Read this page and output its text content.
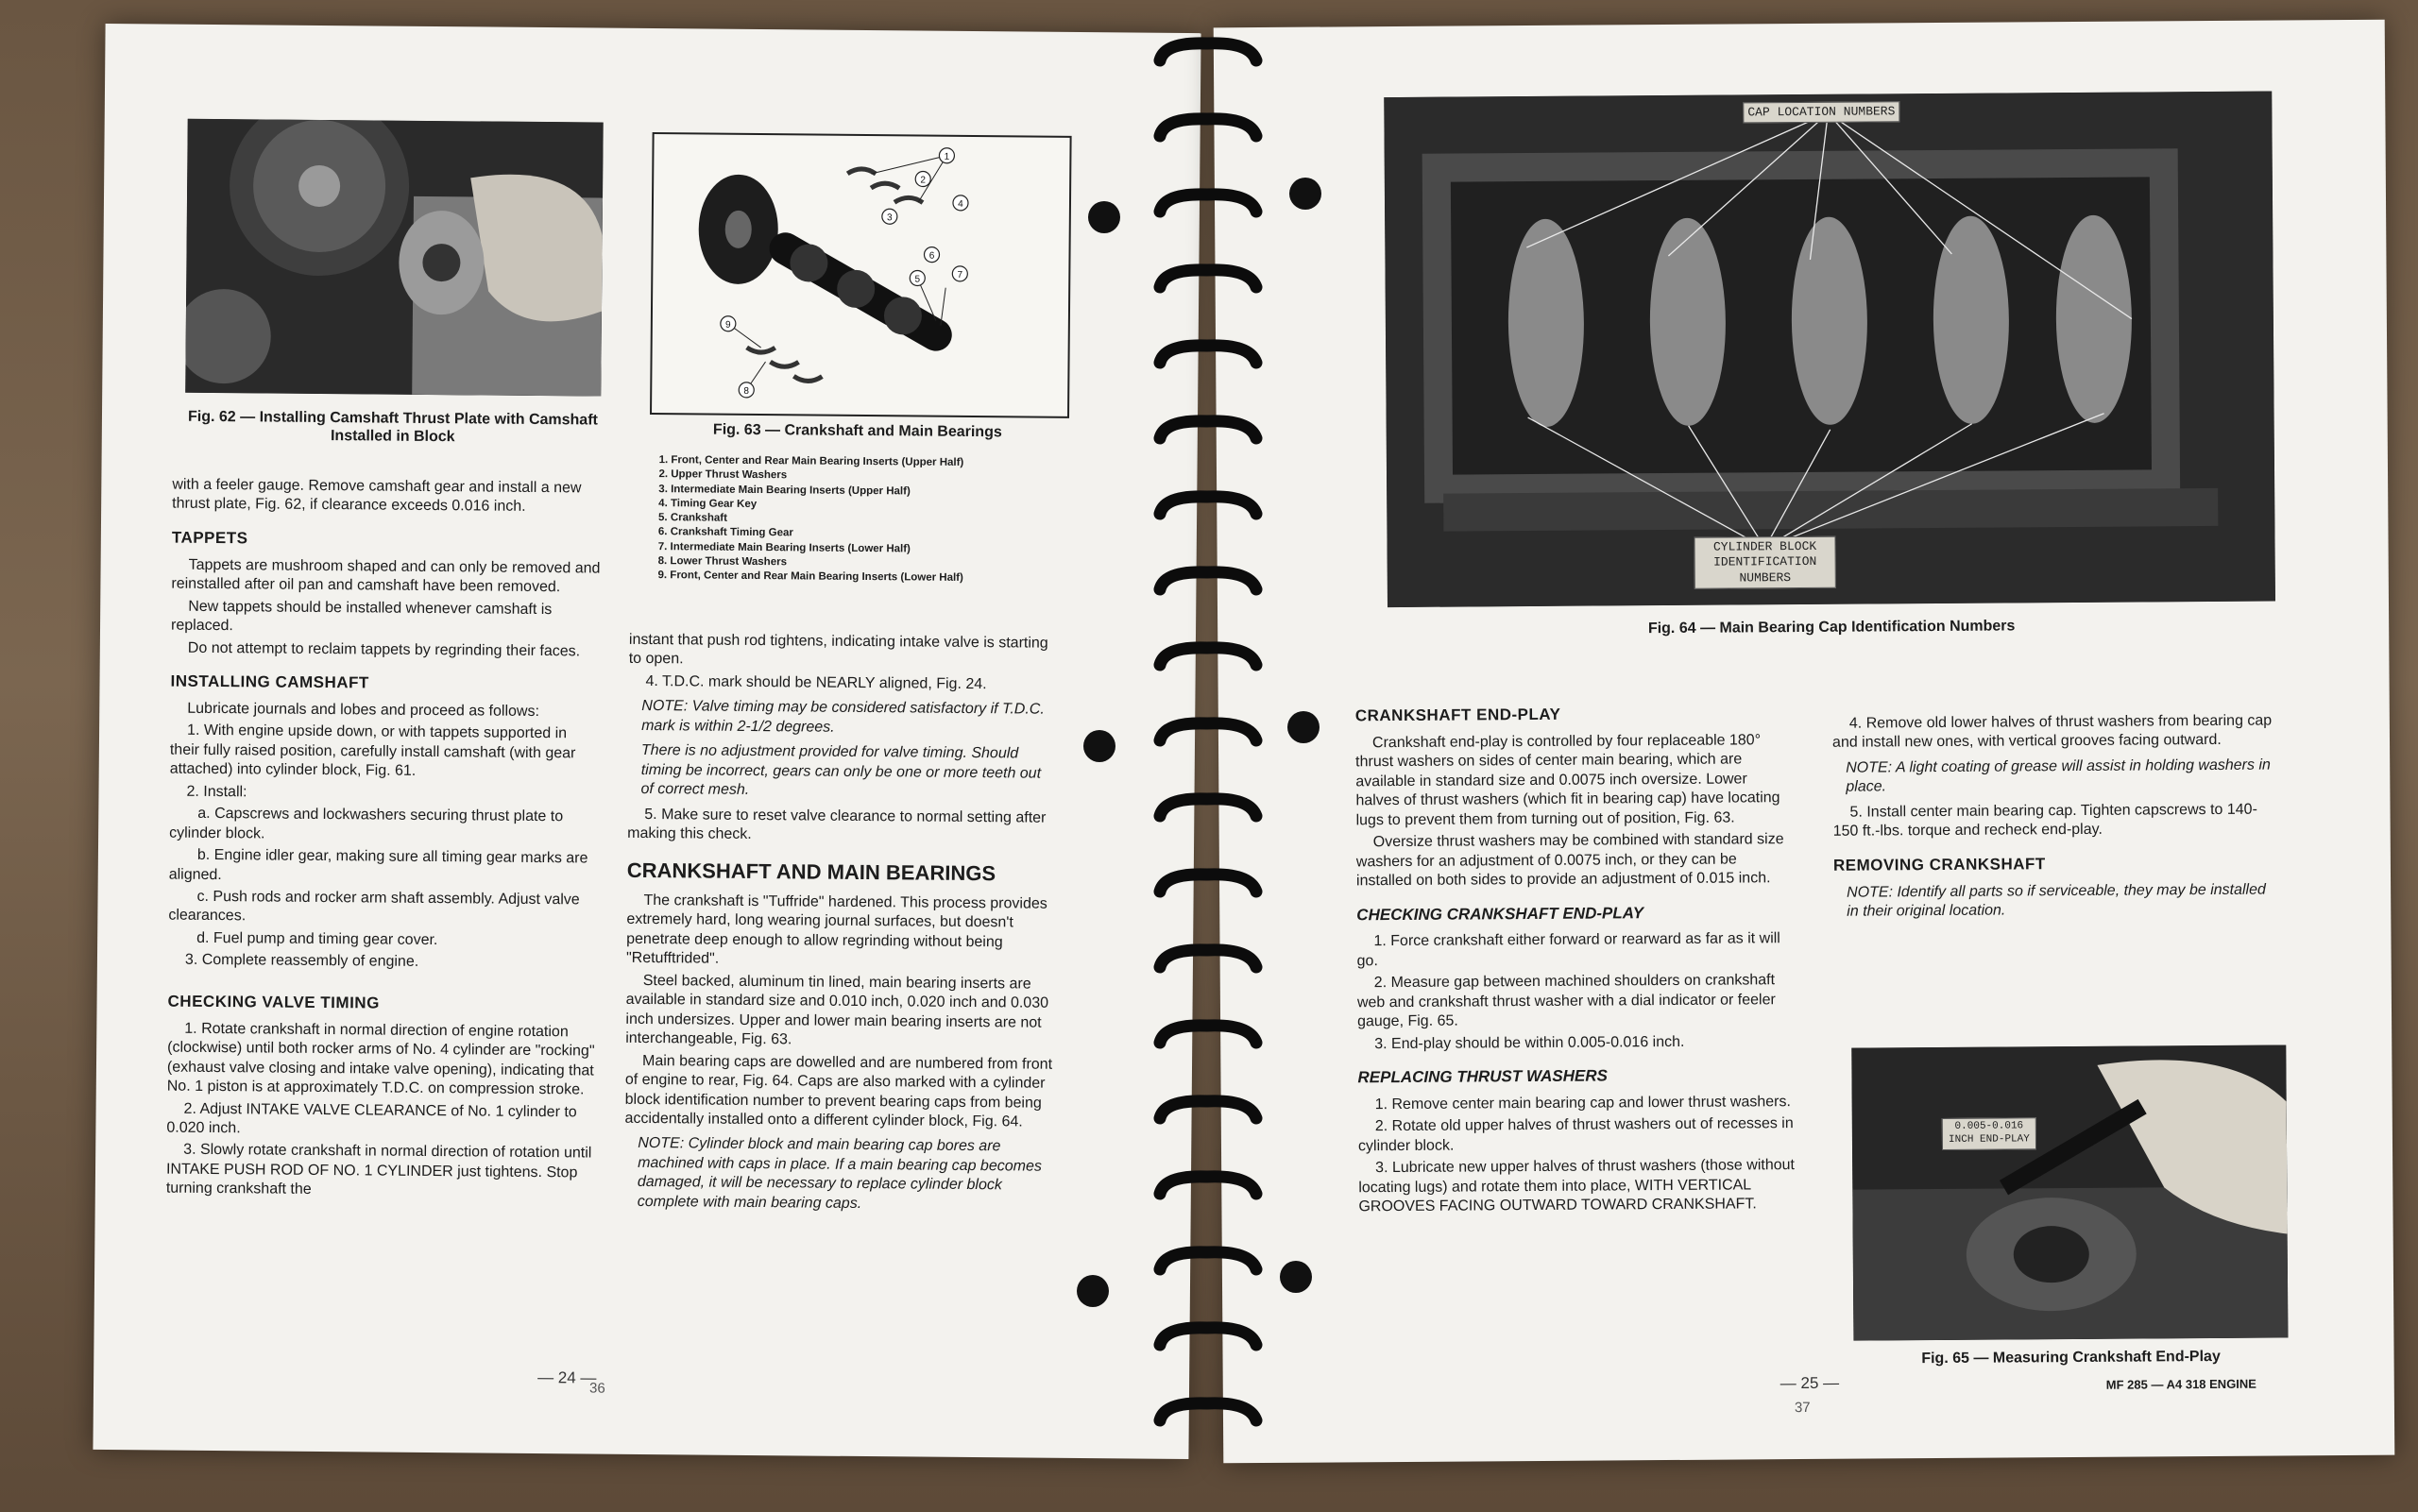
Fig. 62 — Installing Camshaft Thrust Plate with Camshaft Installed in Block
1
2
3
4
5
6
7
8
9
Fig. 63 — Crankshaft and Main Bearings
1. Front, Center and Rear Main Bearing Inserts (Upper Half)
2. Upper Thrust Washers
3. Intermediate Main Bearing Inserts (Upper Half)
4. Timing Gear Key
5. Crankshaft
6. Crankshaft Timing Gear
7. Intermediate Main Bearing Inserts (Lower Half)
8. Lower Thrust Washers
9. Front, Center and Rear Main Bearing Inserts (Lower Half)

with a feeler gauge. Remove camshaft gear and install a new thrust plate, Fig. 62, if clearance exceeds 0.016 inch.

TAPPETS

Tappets are mushroom shaped and can only be removed and reinstalled after oil pan and camshaft have been removed.

New tappets should be installed whenever camshaft is replaced.

Do not attempt to reclaim tappets by regrinding their faces.

INSTALLING CAMSHAFT

Lubricate journals and lobes and proceed as follows:

1. With engine upside down, or with tappets supported in their fully raised position, carefully install camshaft (with gear attached) into cylinder block, Fig. 61.

2. Install:

a. Capscrews and lockwashers securing thrust plate to cylinder block.

b. Engine idler gear, making sure all timing gear marks are aligned.

c. Push rods and rocker arm shaft assembly. Adjust valve clearances.

d. Fuel pump and timing gear cover.

3. Complete reassembly of engine.

CHECKING VALVE TIMING

1. Rotate crankshaft in normal direction of engine rotation (clockwise) until both rocker arms of No. 4 cylinder are "rocking" (exhaust valve closing and intake valve opening), indicating that No. 1 piston is at approximately T.D.C. on compression stroke.

2. Adjust INTAKE VALVE CLEARANCE of No. 1 cylinder to 0.020 inch.

3. Slowly rotate crankshaft in normal direction of rotation until INTAKE PUSH ROD OF NO. 1 CYLINDER just tightens. Stop turning crankshaft the

instant that push rod tightens, indicating intake valve is starting to open.

4. T.D.C. mark should be NEARLY aligned, Fig. 24.

NOTE: Valve timing may be considered satisfactory if T.D.C. mark is within 2-1/2 degrees.

There is no adjustment provided for valve timing. Should timing be incorrect, gears can only be one or more teeth out of correct mesh.

5. Make sure to reset valve clearance to normal setting after making this check.

CRANKSHAFT AND MAIN BEARINGS

The crankshaft is "Tuffride" hardened. This process provides extremely hard, long wearing journal surfaces, but doesn't penetrate deep enough to allow regrinding without being "Retufftrided".

Steel backed, aluminum tin lined, main bearing inserts are available in standard size and 0.010 inch, 0.020 inch and 0.030 inch undersizes. Upper and lower main bearing inserts are not interchangeable, Fig. 63.

Main bearing caps are dowelled and are numbered from front of engine to rear, Fig. 64. Caps are also marked with a cylinder block identification number to prevent bearing caps from being accidentally installed onto a different cylinder block, Fig. 64.

NOTE: Cylinder block and main bearing cap bores are machined with caps in place. If a main bearing cap becomes damaged, it will be necessary to replace cylinder block complete with main bearing caps.

— 24 —
36
CAP LOCATION NUMBERS
CYLINDER BLOCK IDENTIFICATION NUMBERS
Fig. 64 — Main Bearing Cap Identification Numbers
CRANKSHAFT END-PLAY

Crankshaft end-play is controlled by four replaceable 180° thrust washers on sides of center main bearing, which are available in standard size and 0.0075 inch oversize. Lower halves of thrust washers (which fit in bearing cap) have locating lugs to prevent them from turning out of position, Fig. 63.

Oversize thrust washers may be combined with standard size washers for an adjustment of 0.0075 inch, or they can be installed on both sides to provide an adjustment of 0.015 inch.

CHECKING CRANKSHAFT END-PLAY

1. Force crankshaft either forward or rearward as far as it will go.

2. Measure gap between machined shoulders on crankshaft web and crankshaft thrust washer with a dial indicator or feeler gauge, Fig. 65.

3. End-play should be within 0.005-0.016 inch.

REPLACING THRUST WASHERS

1. Remove center main bearing cap and lower thrust washers.

2. Rotate old upper halves of thrust washers out of recesses in cylinder block.

3. Lubricate new upper halves of thrust washers (those without locating lugs) and rotate them into place, WITH VERTICAL GROOVES FACING OUTWARD TOWARD CRANKSHAFT.

4. Remove old lower halves of thrust washers from bearing cap and install new ones, with vertical grooves facing outward.

NOTE: A light coating of grease will assist in holding washers in place.

5. Install center main bearing cap. Tighten capscrews to 140-150 ft.-lbs. torque and recheck end-play.

REMOVING CRANKSHAFT

NOTE: Identify all parts so if serviceable, they may be installed in their original location.

0.005-0.016 INCH END-PLAY
Fig. 65 — Measuring Crankshaft End-Play
— 25 —
37
MF 285 — A4 318 ENGINE
